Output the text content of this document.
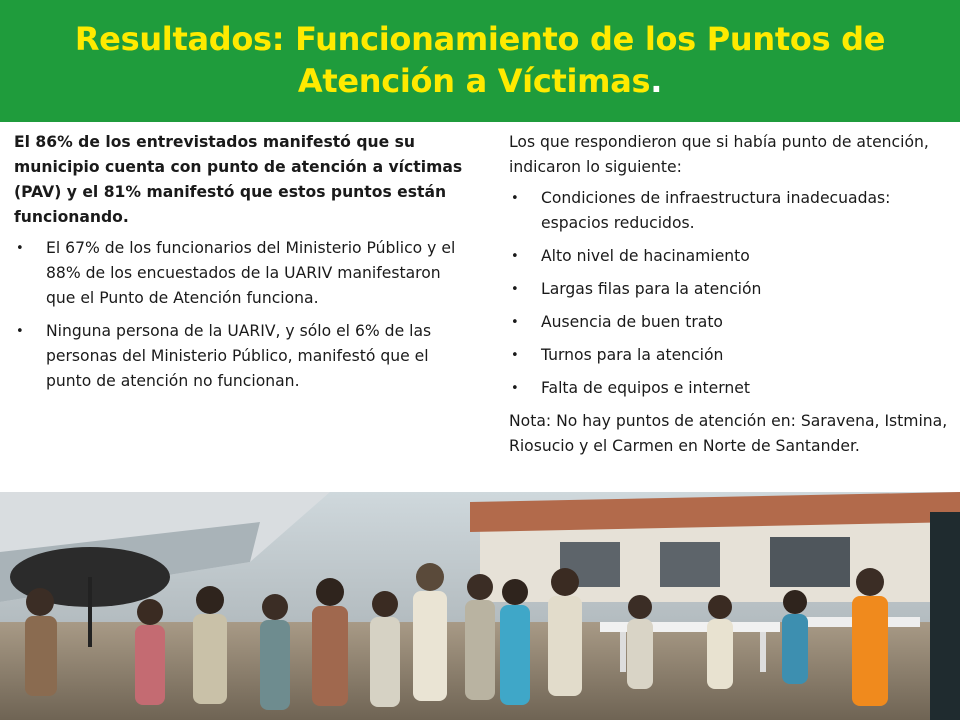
Resultados: Funcionamiento de los Puntos de
Atención a Víctimas.

El 86% de los entrevistados manifestó que su municipio cuenta con punto de atención a víctimas (PAV) y el 81% manifestó que estos puntos están funcionando.

• El 67% de los funcionarios del Ministerio Público y el 88% de los encuestados de la UARIV manifestaron que el Punto de Atención funciona.
• Ninguna persona de la UARIV, y sólo el 6% de las personas del Ministerio Público, manifestó que el punto de atención no funcionan.

Los que respondieron que si había punto de atención, indicaron lo siguiente:

• Condiciones de infraestructura inadecuadas: espacios reducidos.
• Alto nivel de hacinamiento
• Largas filas para la atención
• Ausencia de buen trato
• Turnos para la atención
• Falta de equipos e internet

Nota: No hay puntos de atención en: Saravena, Istmina, Riosucio y el Carmen en Norte de Santander.
